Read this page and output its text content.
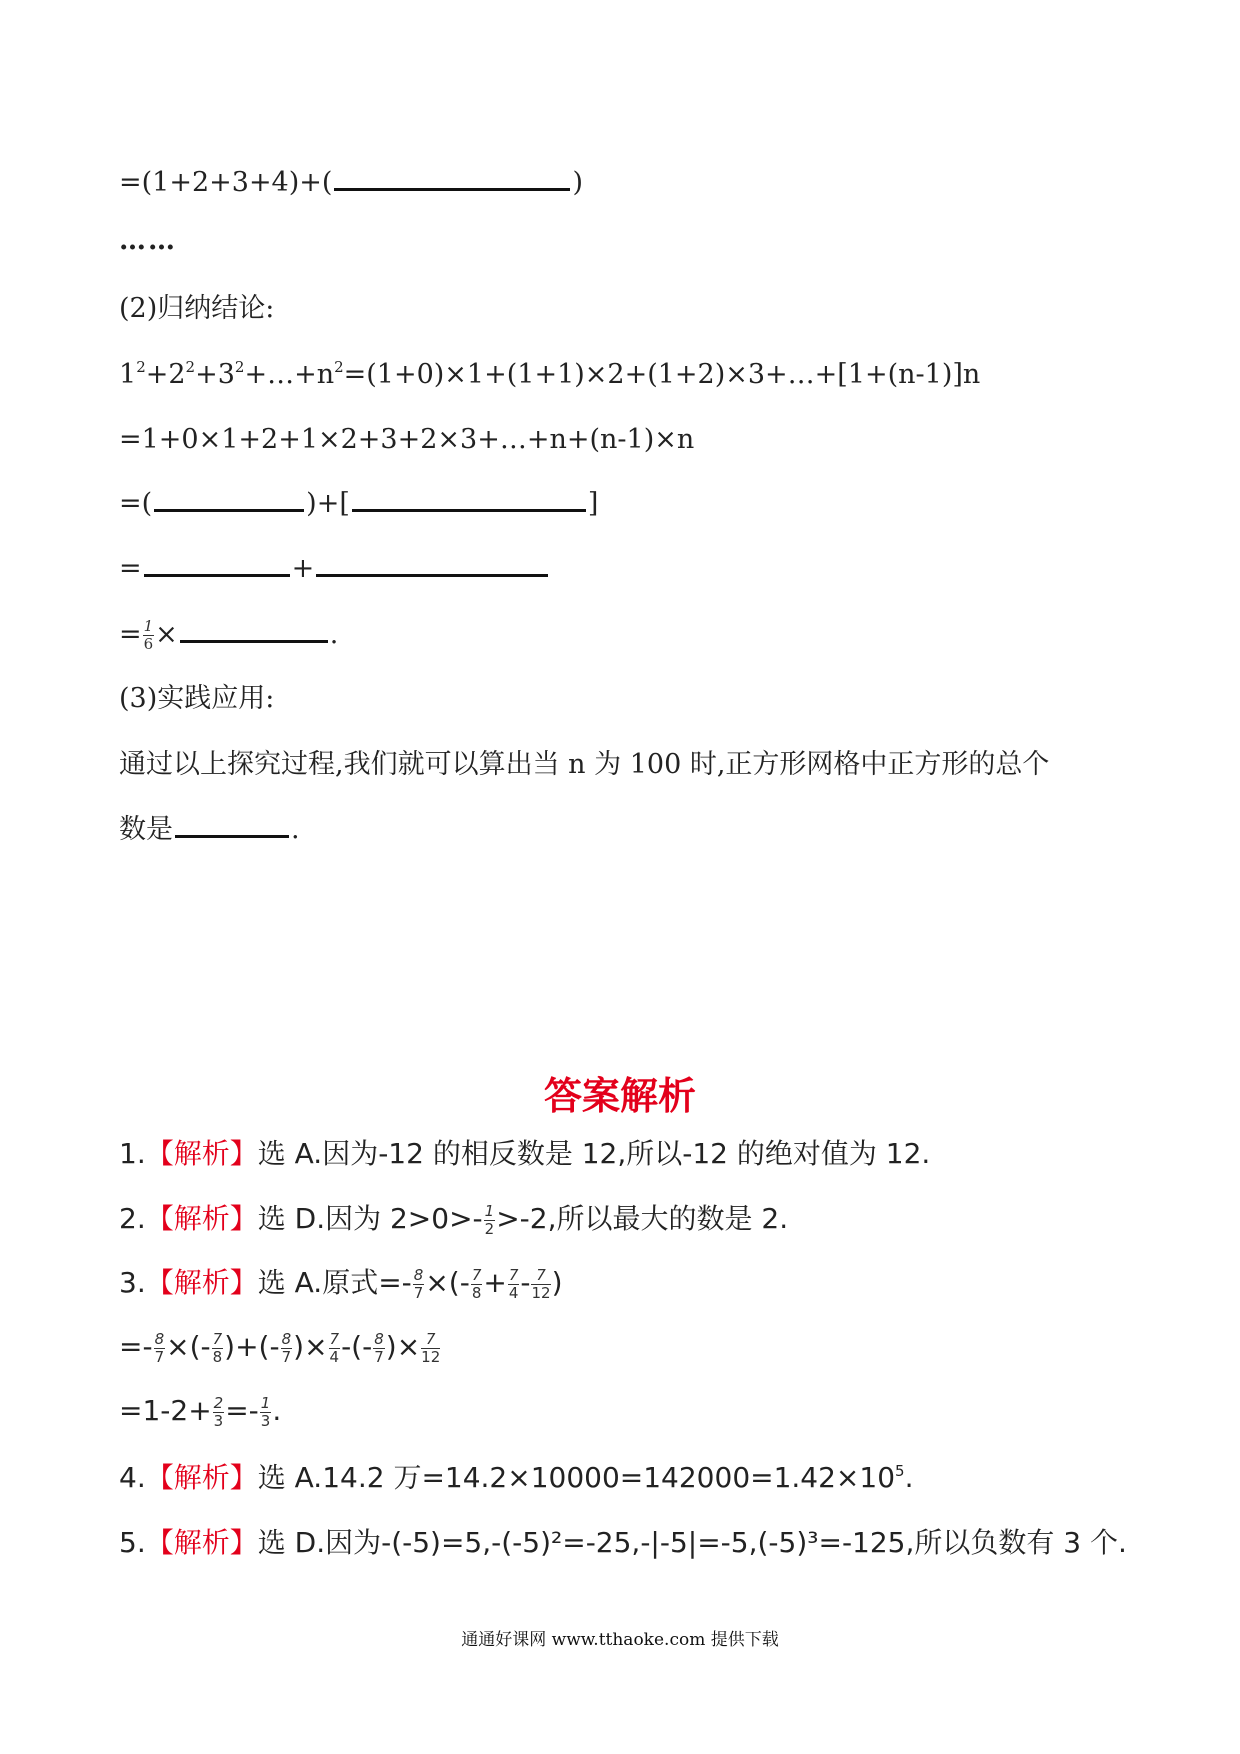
=(1+2+3+4)+(	)
……
(2)归纳结论:
$1^2+2^2+3^2+\dots+n^2=(1+0)\times 1+(1+1)\times 2+(1+2)\times 3+\dots+[1+(n-1)]n$
=1+0×1+2+1×2+3+2×3+…+n+(n-1)×n
=(	)+[	]
=	+
= $\frac{1}{6}$ ×	.
(3)实践应用:
通过以上探究过程,我们就可以算出当 n 为 100 时,正方形网格中正方形的总个
数是	.
答案解析
1.【解析】选 A.因为-12 的相反数是 12,所以-12 的绝对值为 12.
2.【解析】选 D.因为 $2>0>- \frac{1}{2} >-2$,所以最大的数是 2.
3.【解析】选 A.原式=- $\frac{8}{7}$ ×(- $\frac{7}{8} + \frac{7}{4} - \frac{7}{12}$ )
=- $\frac{8}{7}$ ×(- $\frac{7}{8}$ )+(- $\frac{8}{7}$ )× $\frac{7}{4}$ -(- $\frac{8}{7}$ )× $\frac{7}{12}$
$=1-2+ \frac{2}{3} =- \frac{1}{3}$ .
4.【解析】选 A.14.2 万$=14.2\times 10000=142000=1.42\times 10^5$.
5.【解析】选 D.因为-(-5)=5,-(-5)²=-25,-|-5|=-5,(-5)³=-125,所以负数有 3 个.
通通好课网 www.tthaoke.com 提供下载
